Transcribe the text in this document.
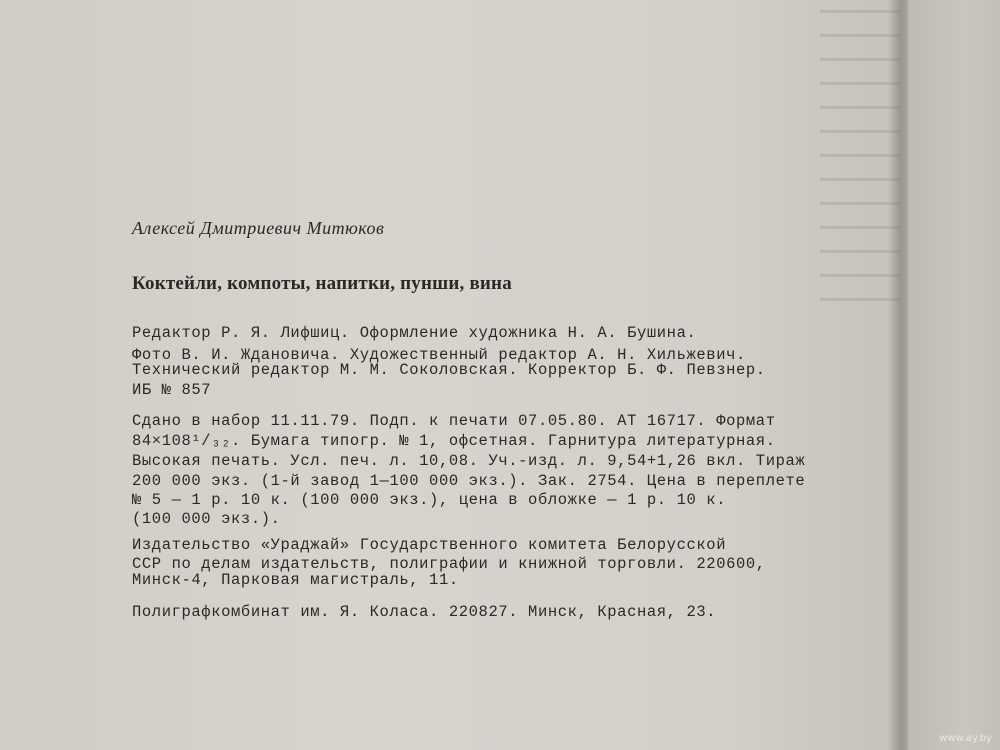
Алексей Дмитриевич Митюков
Коктейли, компоты, напитки, пунши, вина
Редактор Р. Я. Лифшиц. Оформление художника Н. А. Бушина.
Фото В. И. Ждановича. Художественный редактор А. Н. Хильжевич.
Технический редактор М. М. Соколовская. Корректор Б. Ф. Певзнер.
ИБ № 857
Сдано в набор 11.11.79. Подп. к печати 07.05.80. АТ 16717. Формат
84×108¹/₃₂. Бумага типогр. № 1, офсетная. Гарнитура литературная.
Высокая печать. Усл. печ. л. 10,08. Уч.-изд. л. 9,54+1,26 вкл. Тираж
200 000 экз. (1-й завод 1—100 000 экз.). Зак. 2754. Цена в переплете
№ 5 — 1 р. 10 к. (100 000 экз.), цена в обложке — 1 р. 10 к.
(100 000 экз.).
Издательство «Ураджай» Государственного комитета Белорусской
ССР по делам издательств, полиграфии и книжной торговли. 220600,
Минск-4, Парковая магистраль, 11.
Полиграфкомбинат им. Я. Коласа. 220827. Минск, Красная, 23.
www.ay.by
